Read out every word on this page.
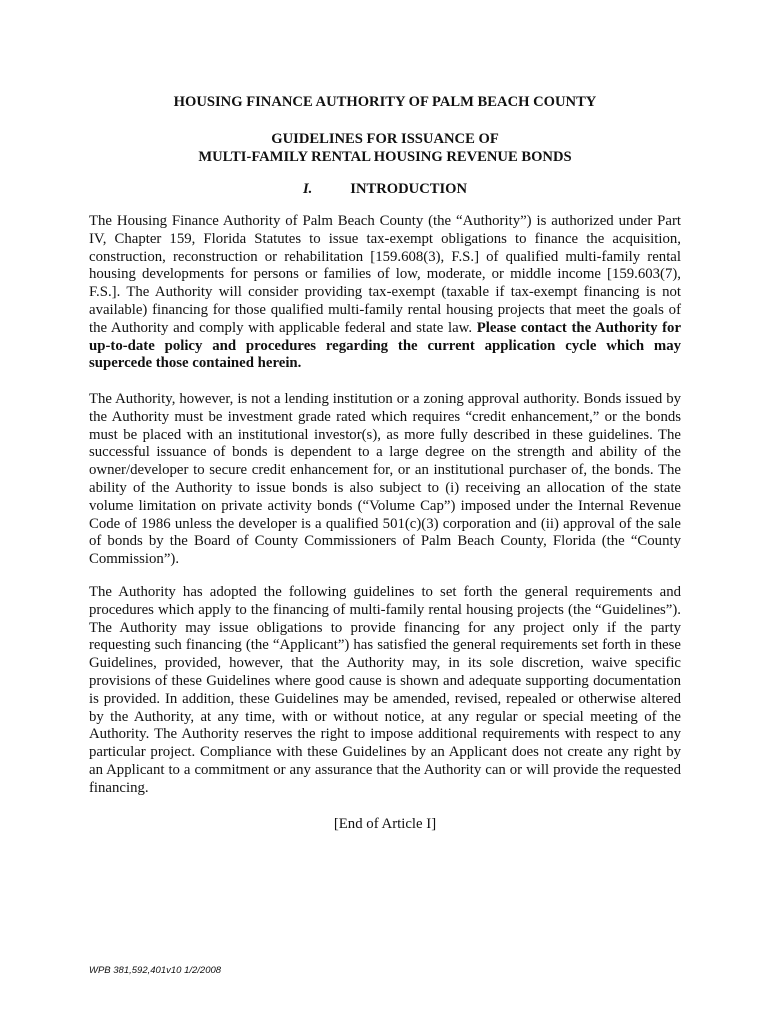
HOUSING FINANCE AUTHORITY OF PALM BEACH COUNTY
GUIDELINES FOR ISSUANCE OF
MULTI-FAMILY RENTAL HOUSING REVENUE BONDS
I.	INTRODUCTION

The Housing Finance Authority of Palm Beach County (the “Authority”) is authorized under Part IV, Chapter 159, Florida Statutes to issue tax-exempt obligations to finance the acquisition, construction, reconstruction or rehabilitation [159.608(3), F.S.] of qualified multi-family rental housing developments for persons or families of low, moderate, or middle income [159.603(7), F.S.]. The Authority will consider providing tax-exempt (taxable if tax-exempt financing is not available) financing for those qualified multi-family rental housing projects that meet the goals of the Authority and comply with applicable federal and state law. Please contact the Authority for up-to-date policy and procedures regarding the current application cycle which may supercede those contained herein.

The Authority, however, is not a lending institution or a zoning approval authority. Bonds issued by the Authority must be investment grade rated which requires “credit enhancement,” or the bonds must be placed with an institutional investor(s), as more fully described in these guidelines. The successful issuance of bonds is dependent to a large degree on the strength and ability of the owner/developer to secure credit enhancement for, or an institutional purchaser of, the bonds. The ability of the Authority to issue bonds is also subject to (i) receiving an allocation of the state volume limitation on private activity bonds (“Volume Cap”) imposed under the Internal Revenue Code of 1986 unless the developer is a qualified 501(c)(3) corporation and (ii) approval of the sale of bonds by the Board of County Commissioners of Palm Beach County, Florida (the “County Commission”).

The Authority has adopted the following guidelines to set forth the general requirements and procedures which apply to the financing of multi-family rental housing projects (the “Guidelines”). The Authority may issue obligations to provide financing for any project only if the party requesting such financing (the “Applicant”) has satisfied the general requirements set forth in these Guidelines, provided, however, that the Authority may, in its sole discretion, waive specific provisions of these Guidelines where good cause is shown and adequate supporting documentation is provided. In addition, these Guidelines may be amended, revised, repealed or otherwise altered by the Authority, at any time, with or without notice, at any regular or special meeting of the Authority. The Authority reserves the right to impose additional requirements with respect to any particular project. Compliance with these Guidelines by an Applicant does not create any right by an Applicant to a commitment or any assurance that the Authority can or will provide the requested financing.

[End of Article I]

WPB 381,592,401v10 1/2/2008
